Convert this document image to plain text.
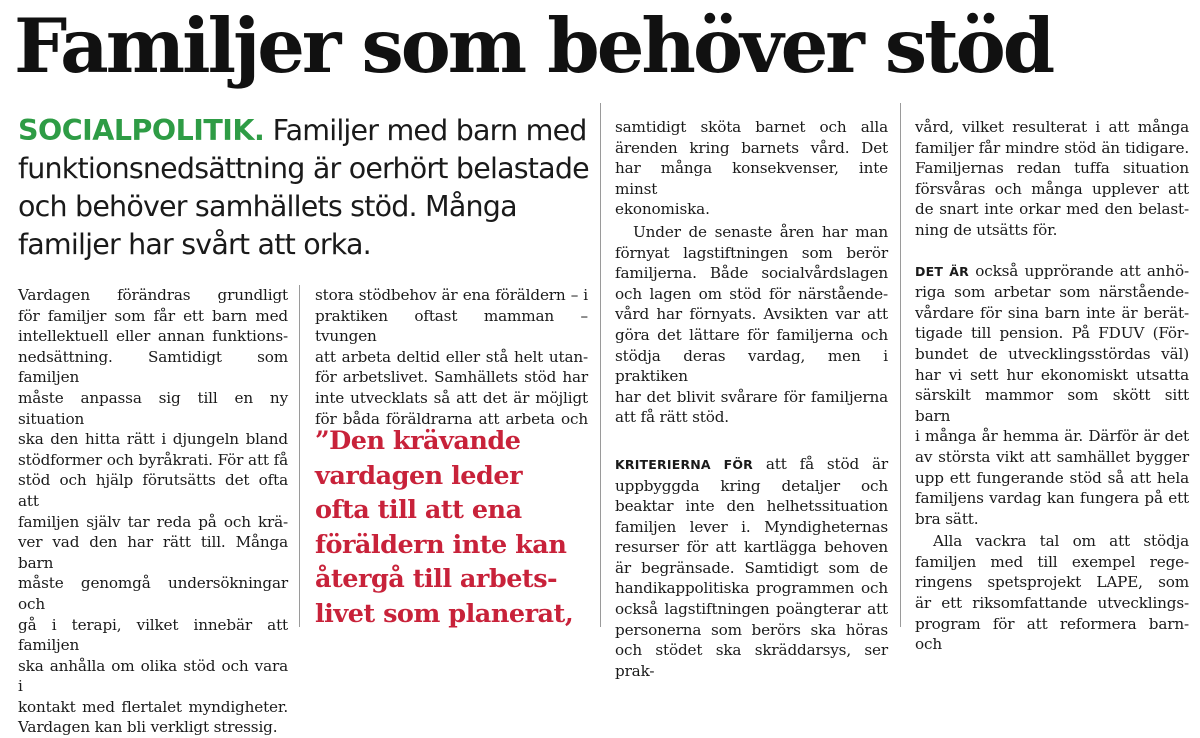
Familjer som behöver stöd
SOCIALPOLITIK. Familjer med barn med funktionsnedsättning är oerhört belastade och behöver samhällets stöd. Många familjer har svårt att orka.

Vardagen förändras grundligt

för familjer som får ett barn med

intellektuell eller annan funktions-

nedsättning. Samtidigt som familjen

måste anpassa sig till en ny situation

ska den hitta rätt i djungeln bland

stödformer och byråkrati. För att få

stöd och hjälp förutsätts det ofta att

familjen själv tar reda på och krä-

ver vad den har rätt till. Många barn

måste genomgå undersökningar och

gå i terapi, vilket innebär att familjen

ska anhålla om olika stöd och vara i

kontakt med flertalet myndigheter.

Vardagen kan bli verkligt stressig.

stora stödbehov är ena föräldern – i

praktiken oftast mamman – tvungen

att arbeta deltid eller stå helt utan-

för arbetslivet. Samhällets stöd har

inte utvecklats så att det är möjligt

för båda föräldrarna att arbeta och

”Den krävande
vardagen leder
ofta till att ena
föräldern inte kan
återgå till arbets-
livet som planerat,

samtidigt sköta barnet och alla

ärenden kring barnets vård. Det

har många konsekvenser, inte minst

ekonomiska.

Under de senaste åren har man

förnyat lagstiftningen som berör

familjerna. Både socialvårdslagen

och lagen om stöd för närstående-

vård har förnyats. Avsikten var att

göra det lättare för familjerna och

stödja deras vardag, men i praktiken

har det blivit svårare för familjerna

att få rätt stöd.

KRITERIERNA FÖR att få stöd är

uppbyggda kring detaljer och

beaktar inte den helhetssituation

familjen lever i. Myndigheternas

resurser för att kartlägga behoven

är begränsade. Samtidigt som de

handikappolitiska programmen och

också lagstiftningen poängterar att

personerna som berörs ska höras

och stödet ska skräddarsys, ser prak-

vård, vilket resulterat i att många

familjer får mindre stöd än tidigare.

Familjernas redan tuffa situation

försvåras och många upplever att

de snart inte orkar med den belast-

ning de utsätts för.

DET ÄR också upprörande att anhö-

riga som arbetar som närstående-

vårdare för sina barn inte är berät-

tigade till pension. På FDUV (För-

bundet de utvecklingsstördas väl)

har vi sett hur ekonomiskt utsatta

särskilt mammor som skött sitt barn

i många år hemma är. Därför är det

av största vikt att samhället bygger

upp ett fungerande stöd så att hela

familjens vardag kan fungera på ett

bra sätt.

Alla vackra tal om att stödja

familjen med till exempel rege-

ringens spetsprojekt LAPE, som

är ett riksomfattande utvecklings-

program för att reformera barn- och
